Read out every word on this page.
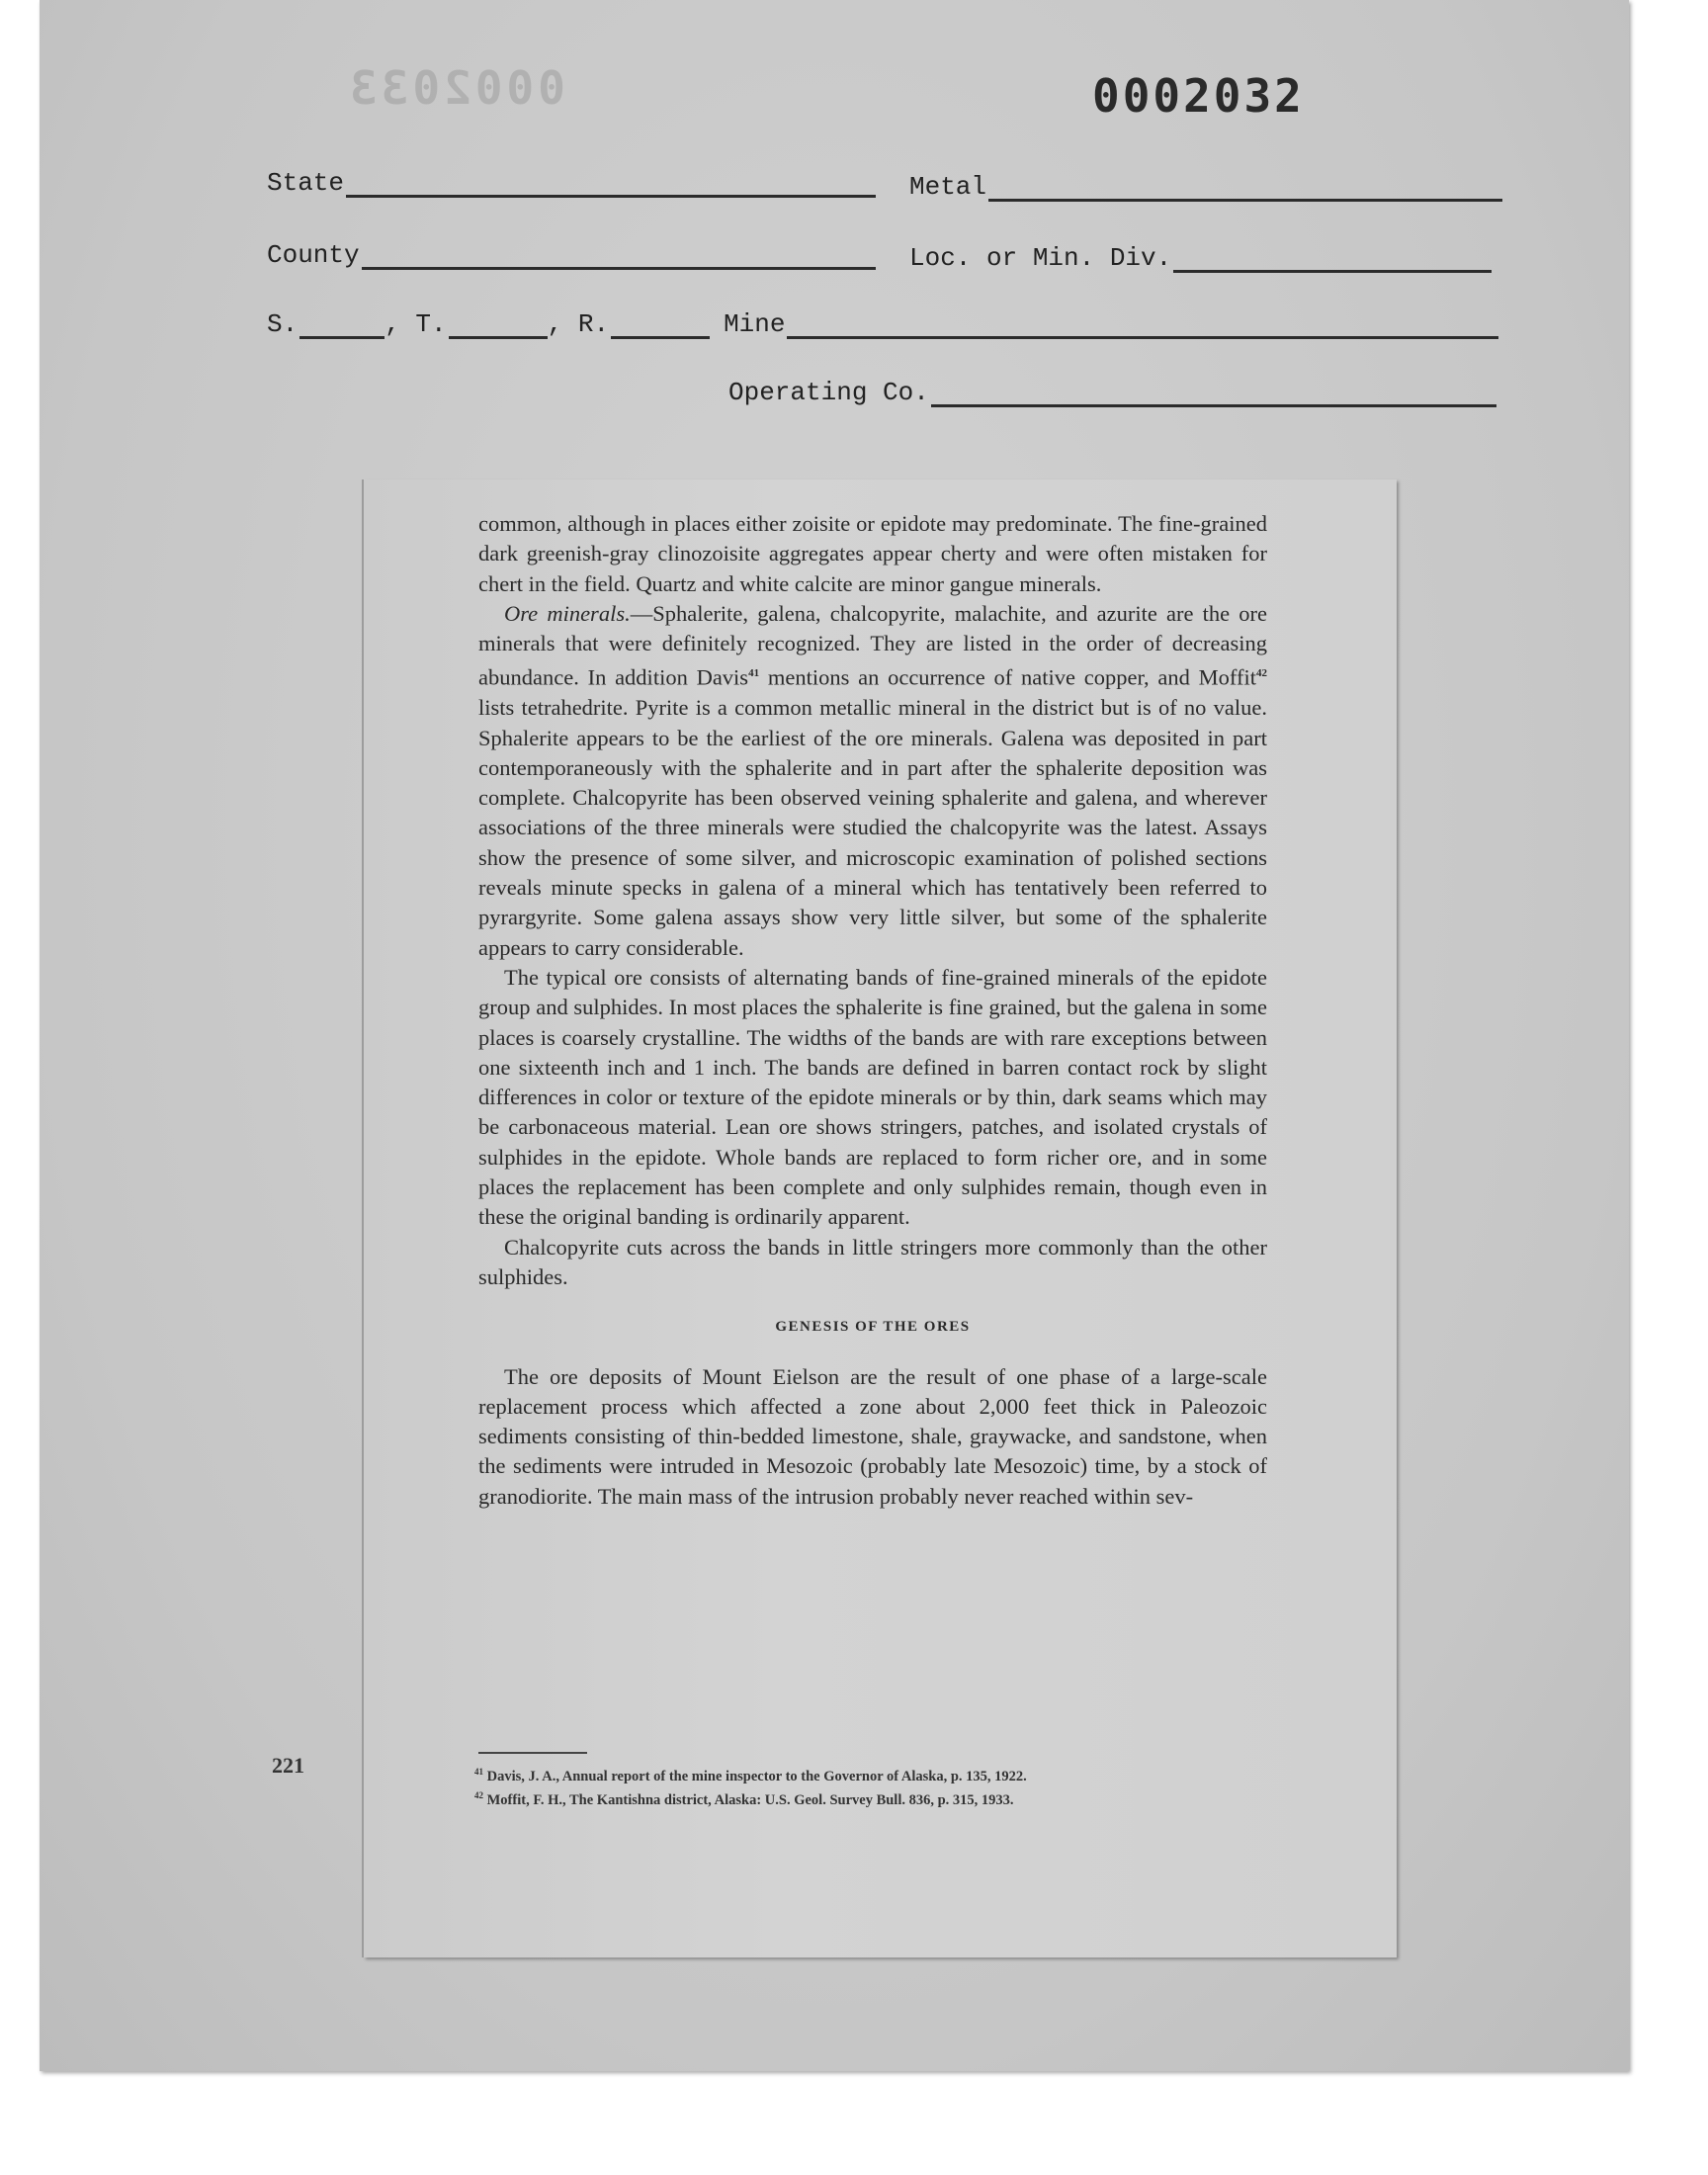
0002033	0002032
State	Metal
County	Loc. or Min. Div.
S.	, T.	, R.	Mine
Operating Co.

common, although in places either zoisite or epidote may predominate. The fine-grained dark greenish-gray clinozoisite aggregates appear cherty and were often mistaken for chert in the field. Quartz and white calcite are minor gangue minerals.

Ore minerals.—Sphalerite, galena, chalcopyrite, malachite, and azurite are the ore minerals that were definitely recognized. They are listed in the order of decreasing abundance. In addition Davis$^{41}$ mentions an occurrence of native copper, and Moffit$^{42}$ lists tetrahedrite. Pyrite is a common metallic mineral in the district but is of no value. Sphalerite appears to be the earliest of the ore minerals. Galena was deposited in part contemporaneously with the sphalerite and in part after the sphalerite deposition was complete. Chalcopyrite has been observed veining sphalerite and galena, and wherever associations of the three minerals were studied the chalcopyrite was the latest. Assays show the presence of some silver, and microscopic examination of polished sections reveals minute specks in galena of a mineral which has tentatively been referred to pyrargyrite. Some galena assays show very little silver, but some of the sphalerite appears to carry considerable.

The typical ore consists of alternating bands of fine-grained minerals of the epidote group and sulphides. In most places the sphalerite is fine grained, but the galena in some places is coarsely crystalline. The widths of the bands are with rare exceptions between one sixteenth inch and 1 inch. The bands are defined in barren contact rock by slight differences in color or texture of the epidote minerals or by thin, dark seams which may be carbonaceous material. Lean ore shows stringers, patches, and isolated crystals of sulphides in the epidote. Whole bands are replaced to form richer ore, and in some places the replacement has been complete and only sulphides remain, though even in these the original banding is ordinarily apparent.

Chalcopyrite cuts across the bands in little stringers more commonly than the other sulphides.

GENESIS OF THE ORES

The ore deposits of Mount Eielson are the result of one phase of a large-scale replacement process which affected a zone about 2,000 feet thick in Paleozoic sediments consisting of thin-bedded limestone, shale, graywacke, and sandstone, when the sediments were intruded in Mesozoic (probably late Mesozoic) time, by a stock of granodiorite. The main mass of the intrusion probably never reached within sev-

221	$^{41}$ Davis, J. A., Annual report of the mine inspector to the Governor of Alaska, p. 135, 1922.

$^{42}$ Moffit, F. H., The Kantishna district, Alaska: U.S. Geol. Survey Bull. 836, p. 315, 1933.
